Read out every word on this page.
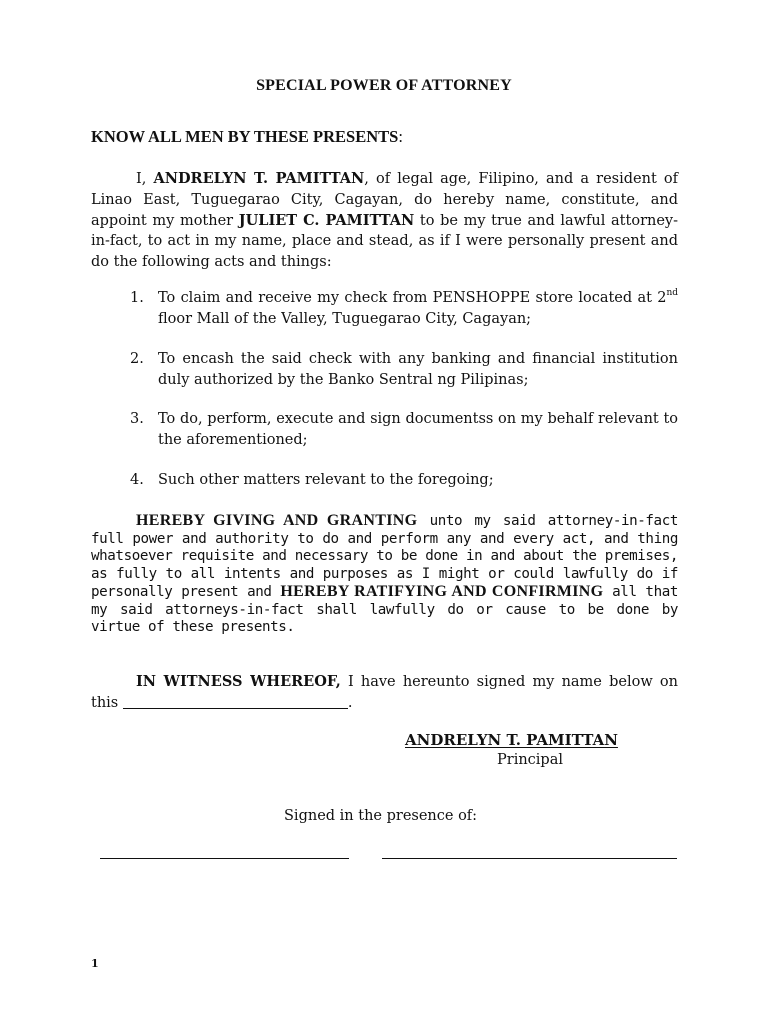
SPECIAL POWER OF ATTORNEY
KNOW ALL MEN BY THESE PRESENTS:
I, ANDRELYN T. PAMITTAN, of legal age, Filipino, and a resident of Linao East, Tuguegarao City, Cagayan, do hereby name, constitute, and appoint my mother JULIET C. PAMITTAN to be my true and lawful attorney-in-fact, to act in my name, place and stead, as if I were personally present and do the following acts and things:
1. To claim and receive my check from PENSHOPPE store located at 2nd floor Mall of the Valley, Tuguegarao City, Cagayan;
2. To encash the said check with any banking and financial institution duly authorized by the Banko Sentral ng Pilipinas;
3. To do, perform, execute and sign documentss on my behalf relevant to the aforementioned;
4. Such other matters relevant to the foregoing;
HEREBY GIVING AND GRANTING unto my said attorney-in-fact full power and authority to do and perform any and every act, and thing whatsoever requisite and necessary to be done in and about the premises, as fully to all intents and purposes as I might or could lawfully do if personally present and HEREBY RATIFYING AND CONFIRMING all that my said attorneys-in-fact shall lawfully do or cause to be done by virtue of these presents.
IN WITNESS WHEREOF, I have hereunto signed my name below on this	.
ANDRELYN T. PAMITTAN
Principal
Signed in the presence of:
1
